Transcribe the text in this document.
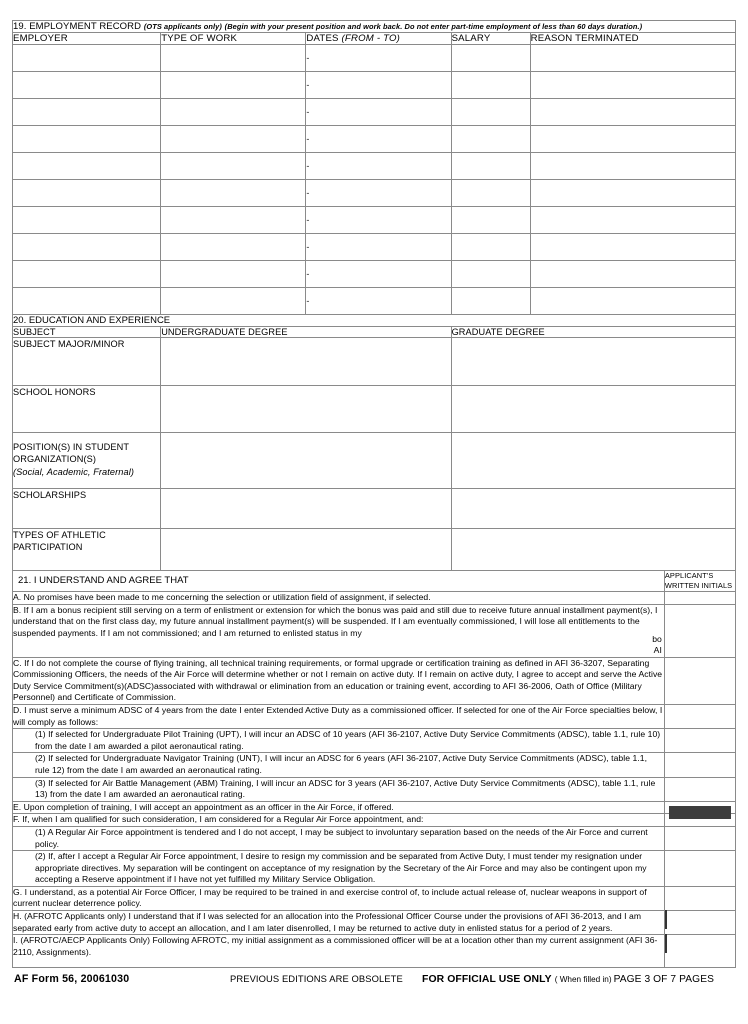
19. EMPLOYMENT RECORD (OTS applicants only) (Begin with your present position and work back. Do not enter part-time employment of less than 60 days duration.)				
EMPLOYER	TYPE OF WORK	DATES (FROM - TO)	SALARY	REASON TERMINATED
		-		
		-		
		-		
		-		
		-		
		-		
		-		
		-		
		-		
		-		
20. EDUCATION AND EXPERIENCE		
SUBJECT	UNDERGRADUATE DEGREE	GRADUATE DEGREE

SUBJECT MAJOR/MINOR		

SCHOOL HONORS		

POSITION(S) IN STUDENT ORGANIZATION(S)
(Social, Academic, Fraternal)		

SCHOLARSHIPS		

TYPES OF ATHLETIC PARTICIPATION		

21. I UNDERSTAND AND AGREE THAT	APPLICANT'S
WRITTEN INITIALS
A. No promises have been made to me concerning the selection or utilization field of assignment, if selected.	
B. If I am a bonus recipient still serving on a term of enlistment or extension for which the bonus was paid and still due to receive future annual installment payment(s), I understand that on the first class day, my future annual installment payment(s) will be suspended. If I am eventually commissioned, I will lose all entitlements to the suspended payments. If I am not commissioned; and I am returned to enlisted status in my
bo
AI	

C. If I do not complete the course of flying training, all technical training requirements, or formal upgrade or certification training as defined in AFI 36-3207, Separating Commissioning Officers, the needs of the Air Force will determine whether or not I remain on active duty. If I remain on active duty, I agree to accept and serve the Active Duty Service Commitment(s)(ADSC)associated with withdrawal or elimination from an education or training event, according to AFI 36-2006, Oath of Office (Military Personnel) and Certificate of Commission.	
D. I must serve a minimum ADSC of 4 years from the date I enter Extended Active Duty as a commissioned officer. If selected for one of the Air Force specialties below, I will comply as follows:	
(1) If selected for Undergraduate Pilot Training (UPT), I will incur an ADSC of 10 years (AFI 36-2107, Active Duty Service Commitments (ADSC), table 1.1, rule 10) from the date I am awarded a pilot aeronautical rating.	
(2) If selected for Undergraduate Navigator Training (UNT), I will incur an ADSC for 6 years (AFI 36-2107, Active Duty Service Commitments (ADSC), table 1.1, rule 12) from the date I am awarded an aeronautical rating.	
(3) If selected for Air Battle Management (ABM) Training, I will incur an ADSC for 3 years (AFI 36-2107, Active Duty Service Commitments (ADSC), table 1.1, rule 13) from the date I am awarded an aeronautical rating.	
E. Upon completion of training, I will accept an appointment as an officer in the Air Force, if offered.	

F. If, when I am qualified for such consideration, I am considered for a Regular Air Force appointment, and:	
(1) A Regular Air Force appointment is tendered and I do not accept, I may be subject to involuntary separation based on the needs of the Air Force and current policy.	
(2) If, after I accept a Regular Air Force appointment, I desire to resign my commission and be separated from Active Duty, I must tender my resignation under appropriate directives. My separation will be contingent on acceptance of my resignation by the Secretary of the Air Force and may also be contingent upon my accepting a Reserve appointment if I have not yet fulfilled my Military Service Obligation.	
G. I understand, as a potential Air Force Officer, I may be required to be trained in and exercise control of, to include actual release of, nuclear weapons in support of current nuclear deterrence policy.	
H. (AFROTC Applicants only) I understand that if I was selected for an allocation into the Professional Officer Course under the provisions of AFI 36-2013, and I am separated early from active duty to accept an allocation, and I am later disenrolled, I may be returned to active duty in enlisted status for a period of 2 years.	
I. (AFROTC/AECP Applicants Only) Following AFROTC, my initial assignment as a commissioned officer will be at a location other than my current assignment (AFI 36-2110, Assignments).	
AF Form 56, 20061030	PREVIOUS EDITIONS ARE OBSOLETE	FOR OFFICIAL USE ONLY ( When filled in) PAGE 3 OF 7 PAGES
